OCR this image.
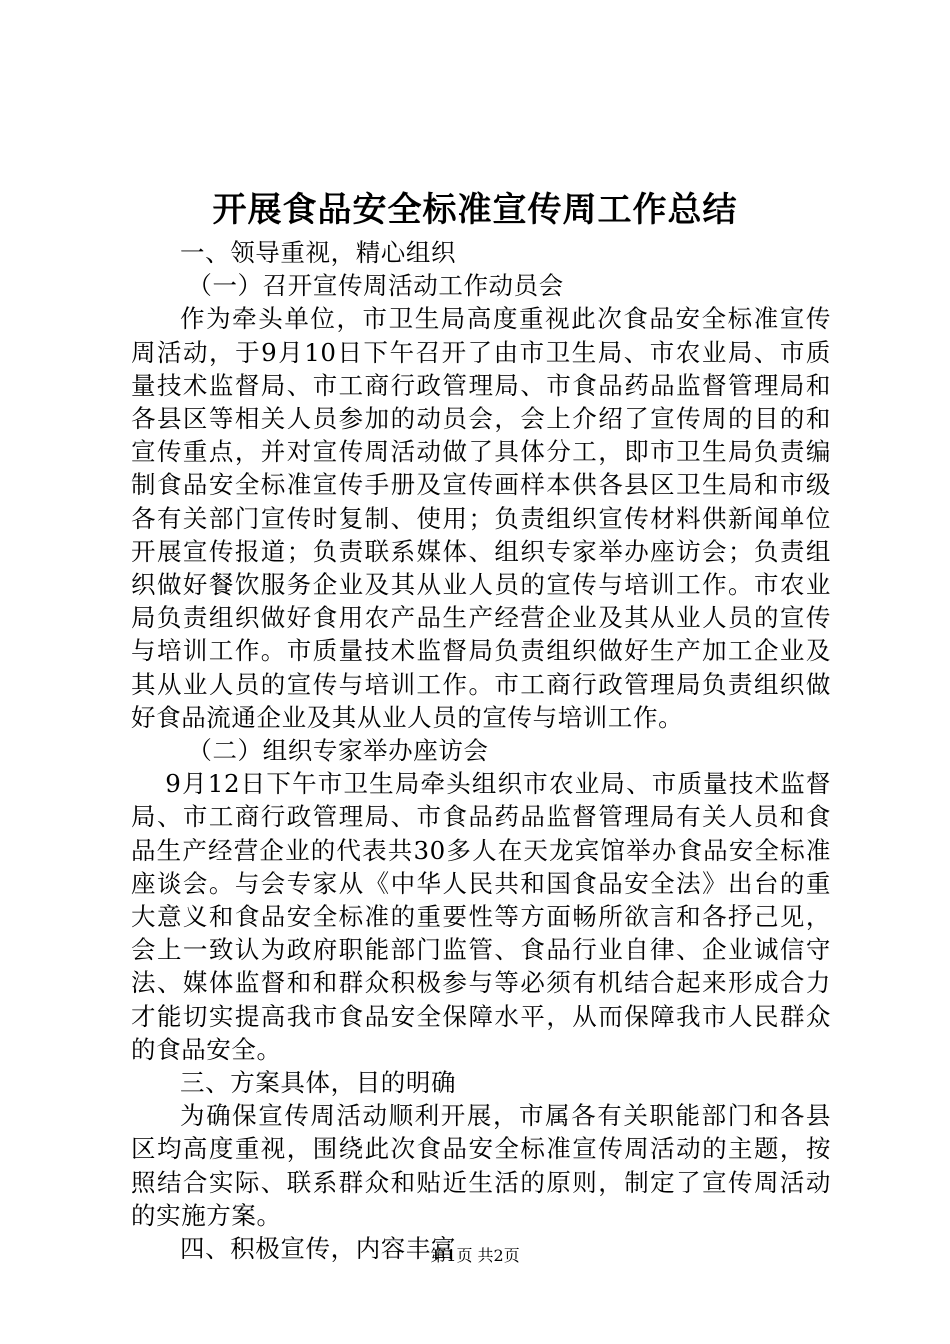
开展食品安全标准宣传周工作总结

一、领导重视，精心组织

（一）召开宣传周活动工作动员会

作为牵头单位，市卫生局高度重视此次食品安全标准宣传周活动，于9月10日下午召开了由市卫生局、市农业局、市质量技术监督局、市工商行政管理局、市食品药品监督管理局和各县区等相关人员参加的动员会，会上介绍了宣传周的目的和宣传重点，并对宣传周活动做了具体分工，即市卫生局负责编制食品安全标准宣传手册及宣传画样本供各县区卫生局和市级各有关部门宣传时复制、使用；负责组织宣传材料供新闻单位开展宣传报道；负责联系媒体、组织专家举办座访会；负责组织做好餐饮服务企业及其从业人员的宣传与培训工作。市农业局负责组织做好食用农产品生产经营企业及其从业人员的宣传与培训工作。市质量技术监督局负责组织做好生产加工企业及其从业人员的宣传与培训工作。市工商行政管理局负责组织做好食品流通企业及其从业人员的宣传与培训工作。

（二）组织专家举办座访会

9月12日下午市卫生局牵头组织市农业局、市质量技术监督局、市工商行政管理局、市食品药品监督管理局有关人员和食品生产经营企业的代表共30多人在天龙宾馆举办食品安全标准座谈会。与会专家从《中华人民共和国食品安全法》出台的重大意义和食品安全标准的重要性等方面畅所欲言和各抒己见，会上一致认为政府职能部门监管、食品行业自律、企业诚信守法、媒体监督和和群众积极参与等必须有机结合起来形成合力才能切实提高我市食品安全保障水平，从而保障我市人民群众的食品安全。

三、方案具体，目的明确

为确保宣传周活动顺利开展，市属各有关职能部门和各县区均高度重视，围绕此次食品安全标准宣传周活动的主题，按照结合实际、联系群众和贴近生活的原则，制定了宣传周活动的实施方案。

四、积极宣传，内容丰富

第1页 共2页
